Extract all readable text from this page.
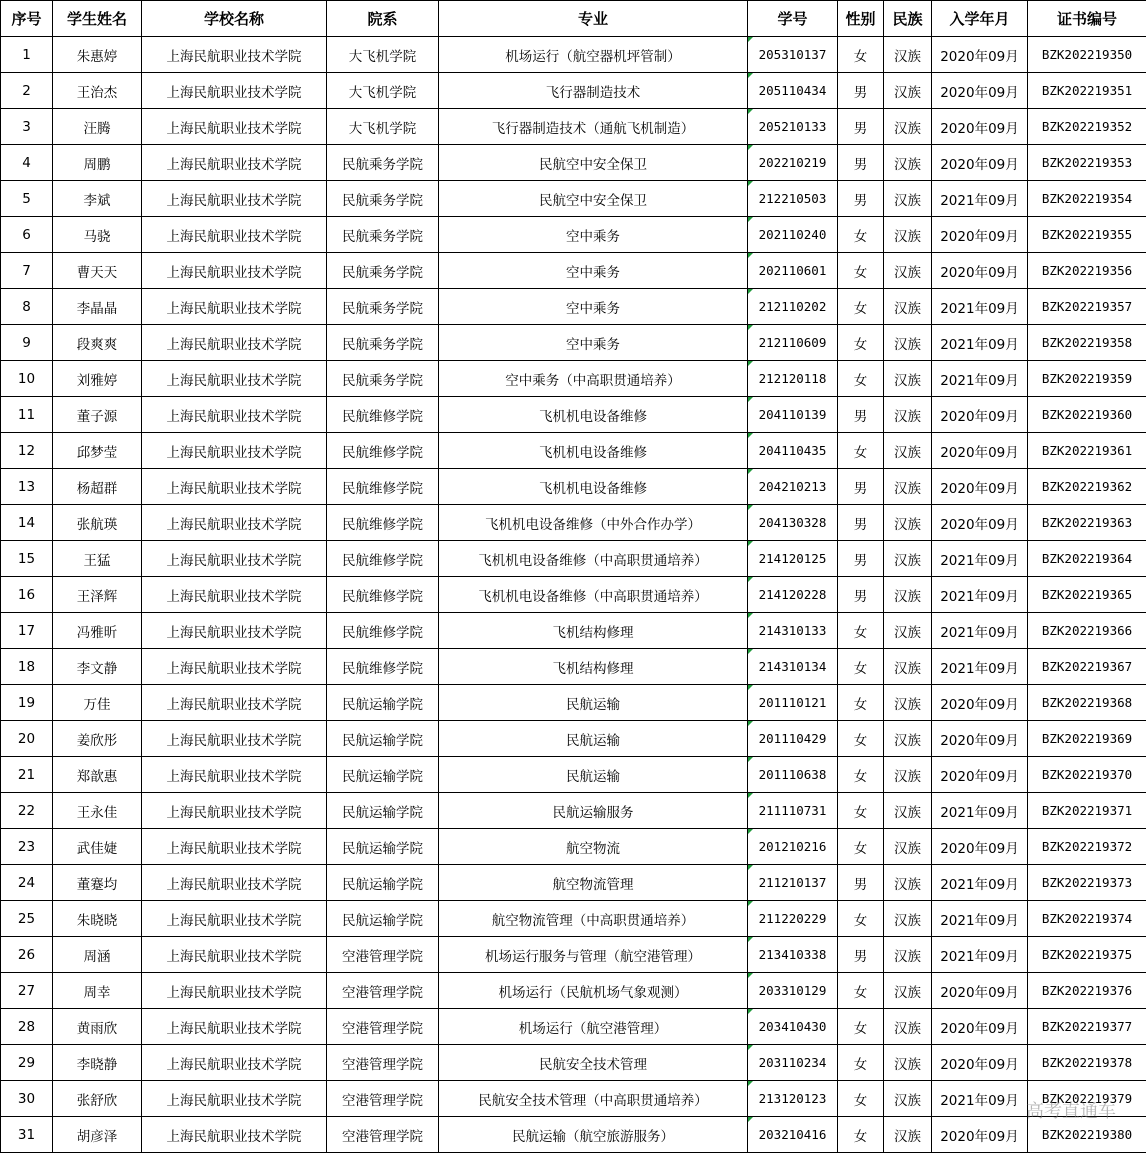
序号	学生姓名	学校名称	院系	专业	学号	性别	民族	入学年月	证书编号
1	朱惠婷	上海民航职业技术学院	大飞机学院	机场运行（航空器机坪管制）	205310137	女	汉族	2020年09月	BZK202219350
2	王治杰	上海民航职业技术学院	大飞机学院	飞行器制造技术	205110434	男	汉族	2020年09月	BZK202219351
3	汪腾	上海民航职业技术学院	大飞机学院	飞行器制造技术（通航飞机制造）	205210133	男	汉族	2020年09月	BZK202219352
4	周鹏	上海民航职业技术学院	民航乘务学院	民航空中安全保卫	202210219	男	汉族	2020年09月	BZK202219353
5	李斌	上海民航职业技术学院	民航乘务学院	民航空中安全保卫	212210503	男	汉族	2021年09月	BZK202219354
6	马骁	上海民航职业技术学院	民航乘务学院	空中乘务	202110240	女	汉族	2020年09月	BZK202219355
7	曹天天	上海民航职业技术学院	民航乘务学院	空中乘务	202110601	女	汉族	2020年09月	BZK202219356
8	李晶晶	上海民航职业技术学院	民航乘务学院	空中乘务	212110202	女	汉族	2021年09月	BZK202219357
9	段爽爽	上海民航职业技术学院	民航乘务学院	空中乘务	212110609	女	汉族	2021年09月	BZK202219358
10	刘雅婷	上海民航职业技术学院	民航乘务学院	空中乘务（中高职贯通培养）	212120118	女	汉族	2021年09月	BZK202219359
11	董子源	上海民航职业技术学院	民航维修学院	飞机机电设备维修	204110139	男	汉族	2020年09月	BZK202219360
12	邱梦莹	上海民航职业技术学院	民航维修学院	飞机机电设备维修	204110435	女	汉族	2020年09月	BZK202219361
13	杨超群	上海民航职业技术学院	民航维修学院	飞机机电设备维修	204210213	男	汉族	2020年09月	BZK202219362
14	张航瑛	上海民航职业技术学院	民航维修学院	飞机机电设备维修（中外合作办学）	204130328	男	汉族	2020年09月	BZK202219363
15	王猛	上海民航职业技术学院	民航维修学院	飞机机电设备维修（中高职贯通培养）	214120125	男	汉族	2021年09月	BZK202219364
16	王泽辉	上海民航职业技术学院	民航维修学院	飞机机电设备维修（中高职贯通培养）	214120228	男	汉族	2021年09月	BZK202219365
17	冯雅昕	上海民航职业技术学院	民航维修学院	飞机结构修理	214310133	女	汉族	2021年09月	BZK202219366
18	李文静	上海民航职业技术学院	民航维修学院	飞机结构修理	214310134	女	汉族	2021年09月	BZK202219367
19	万佳	上海民航职业技术学院	民航运输学院	民航运输	201110121	女	汉族	2020年09月	BZK202219368
20	姜欣彤	上海民航职业技术学院	民航运输学院	民航运输	201110429	女	汉族	2020年09月	BZK202219369
21	郑歆惠	上海民航职业技术学院	民航运输学院	民航运输	201110638	女	汉族	2020年09月	BZK202219370
22	王永佳	上海民航职业技术学院	民航运输学院	民航运输服务	211110731	女	汉族	2021年09月	BZK202219371
23	武佳婕	上海民航职业技术学院	民航运输学院	航空物流	201210216	女	汉族	2020年09月	BZK202219372
24	董蹇均	上海民航职业技术学院	民航运输学院	航空物流管理	211210137	男	汉族	2021年09月	BZK202219373
25	朱晓晓	上海民航职业技术学院	民航运输学院	航空物流管理（中高职贯通培养）	211220229	女	汉族	2021年09月	BZK202219374
26	周涵	上海民航职业技术学院	空港管理学院	机场运行服务与管理（航空港管理）	213410338	男	汉族	2021年09月	BZK202219375
27	周幸	上海民航职业技术学院	空港管理学院	机场运行（民航机场气象观测）	203310129	女	汉族	2020年09月	BZK202219376
28	黄雨欣	上海民航职业技术学院	空港管理学院	机场运行（航空港管理）	203410430	女	汉族	2020年09月	BZK202219377
29	李晓静	上海民航职业技术学院	空港管理学院	民航安全技术管理	203110234	女	汉族	2020年09月	BZK202219378
30	张舒欣	上海民航职业技术学院	空港管理学院	民航安全技术管理（中高职贯通培养）	213120123	女	汉族	2021年09月	BZK202219379
31	胡彦泽	上海民航职业技术学院	空港管理学院	民航运输（航空旅游服务）	203210416	女	汉族	2020年09月	BZK202219380
高考直通车
